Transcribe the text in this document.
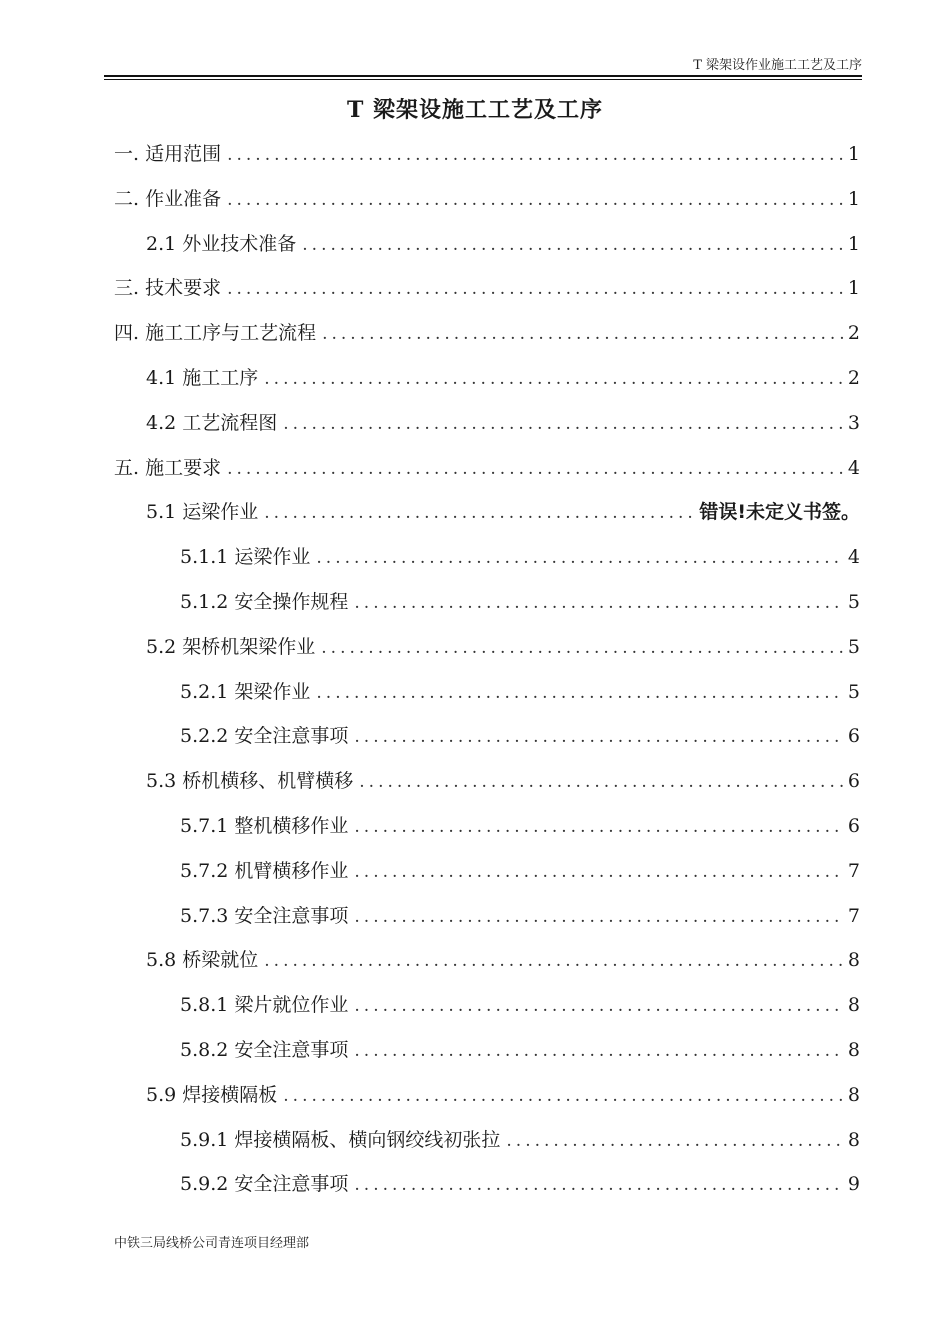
T 梁架设作业施工工艺及工序
T 梁架设施工工艺及工序
一. 适用范围 .....	1
二. 作业准备 .....	1
2.1 外业技术准备 .....	1
三. 技术要求 .....	1
四. 施工工序与工艺流程 .....	2
4.1 施工工序 .....	2
4.2 工艺流程图 .....	3
五. 施工要求 .....	4
5.1 运梁作业 .....	错误!未定义书签。
5.1.1 运梁作业 .....	4
5.1.2 安全操作规程 .....	5
5.2 架桥机架梁作业 .....	5
5.2.1 架梁作业 .....	5
5.2.2 安全注意事项 .....	6
5.3 桥机横移、机臂横移 .....	6
5.7.1 整机横移作业 .....	6
5.7.2 机臂横移作业 .....	7
5.7.3 安全注意事项 .....	7
5.8 桥梁就位 .....	8
5.8.1 梁片就位作业 .....	8
5.8.2 安全注意事项 .....	8
5.9 焊接横隔板 .....	8
5.9.1 焊接横隔板、横向钢绞线初张拉 .....	8
5.9.2 安全注意事项 .....	9
中铁三局线桥公司青连项目经理部
